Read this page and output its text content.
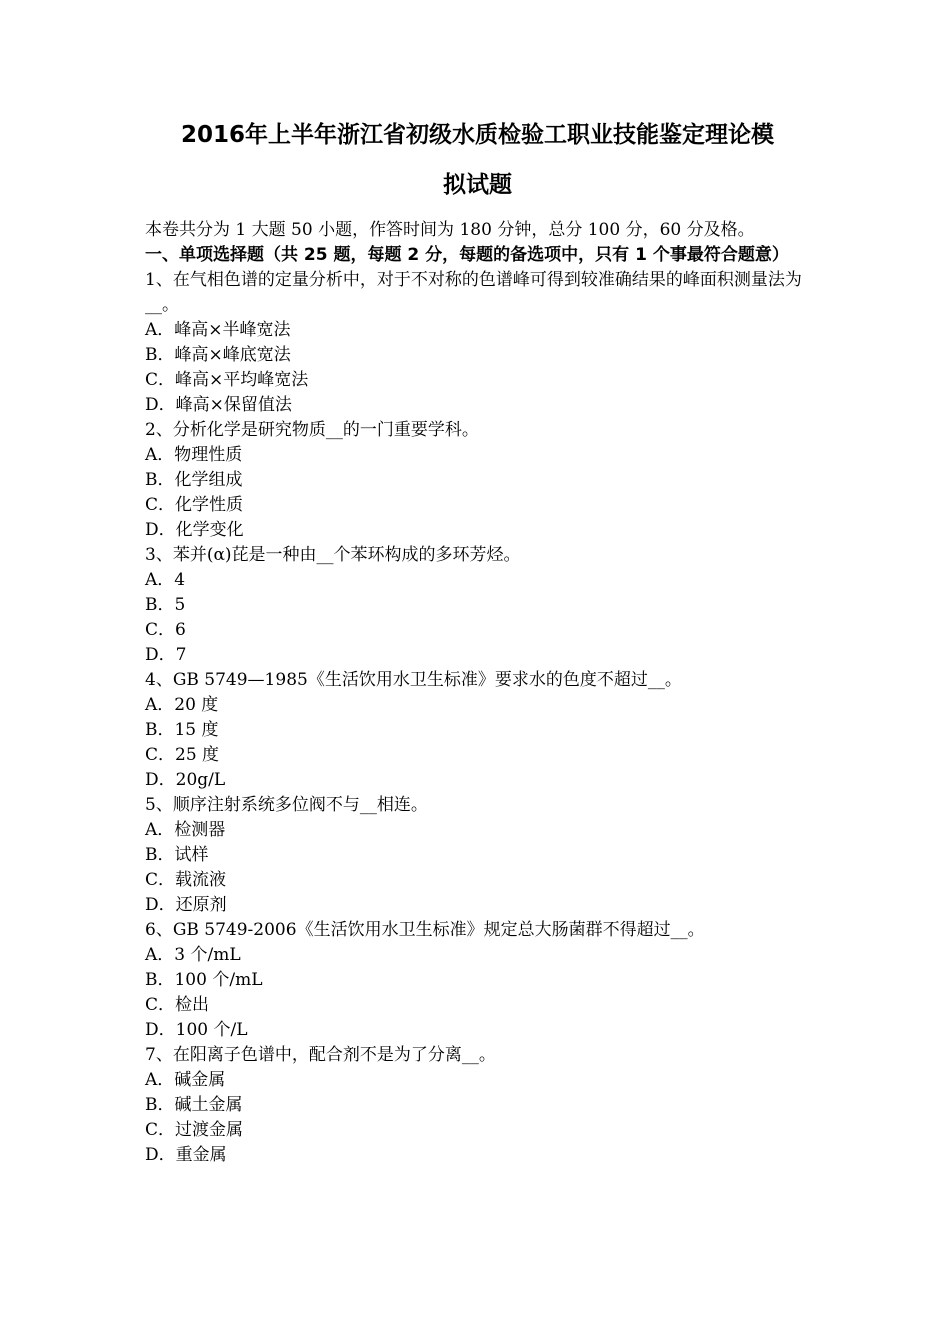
2016年上半年浙江省初级水质检验工职业技能鉴定理论模
拟试题

本卷共分为 1 大题 50 小题，作答时间为 180 分钟，总分 100 分，60 分及格。

一、单项选择题（共 25 题，每题 2 分，每题的备选项中，只有 1 个事最符合题意）

1、在气相色谱的定量分析中，对于不对称的色谱峰可得到较准确结果的峰面积测量法为__。

A．峰高×半峰宽法

B．峰高×峰底宽法

C．峰高×平均峰宽法

D．峰高×保留值法

2、分析化学是研究物质__的一门重要学科。

A．物理性质

B．化学组成

C．化学性质

D．化学变化

3、苯并(α)芘是一种由__个苯环构成的多环芳烃。

A．4

B．5

C．6

D．7

4、GB 5749—1985《生活饮用水卫生标准》要求水的色度不超过__。

A．20 度

B．15 度

C．25 度

D．20g/L

5、顺序注射系统多位阀不与__相连。

A．检测器

B．试样

C．载流液

D．还原剂

6、GB 5749-2006《生活饮用水卫生标准》规定总大肠菌群不得超过__。

A．3 个/mL

B．100 个/mL

C．检出

D．100 个/L

7、在阳离子色谱中，配合剂不是为了分离__。

A．碱金属

B．碱土金属

C．过渡金属

D．重金属
